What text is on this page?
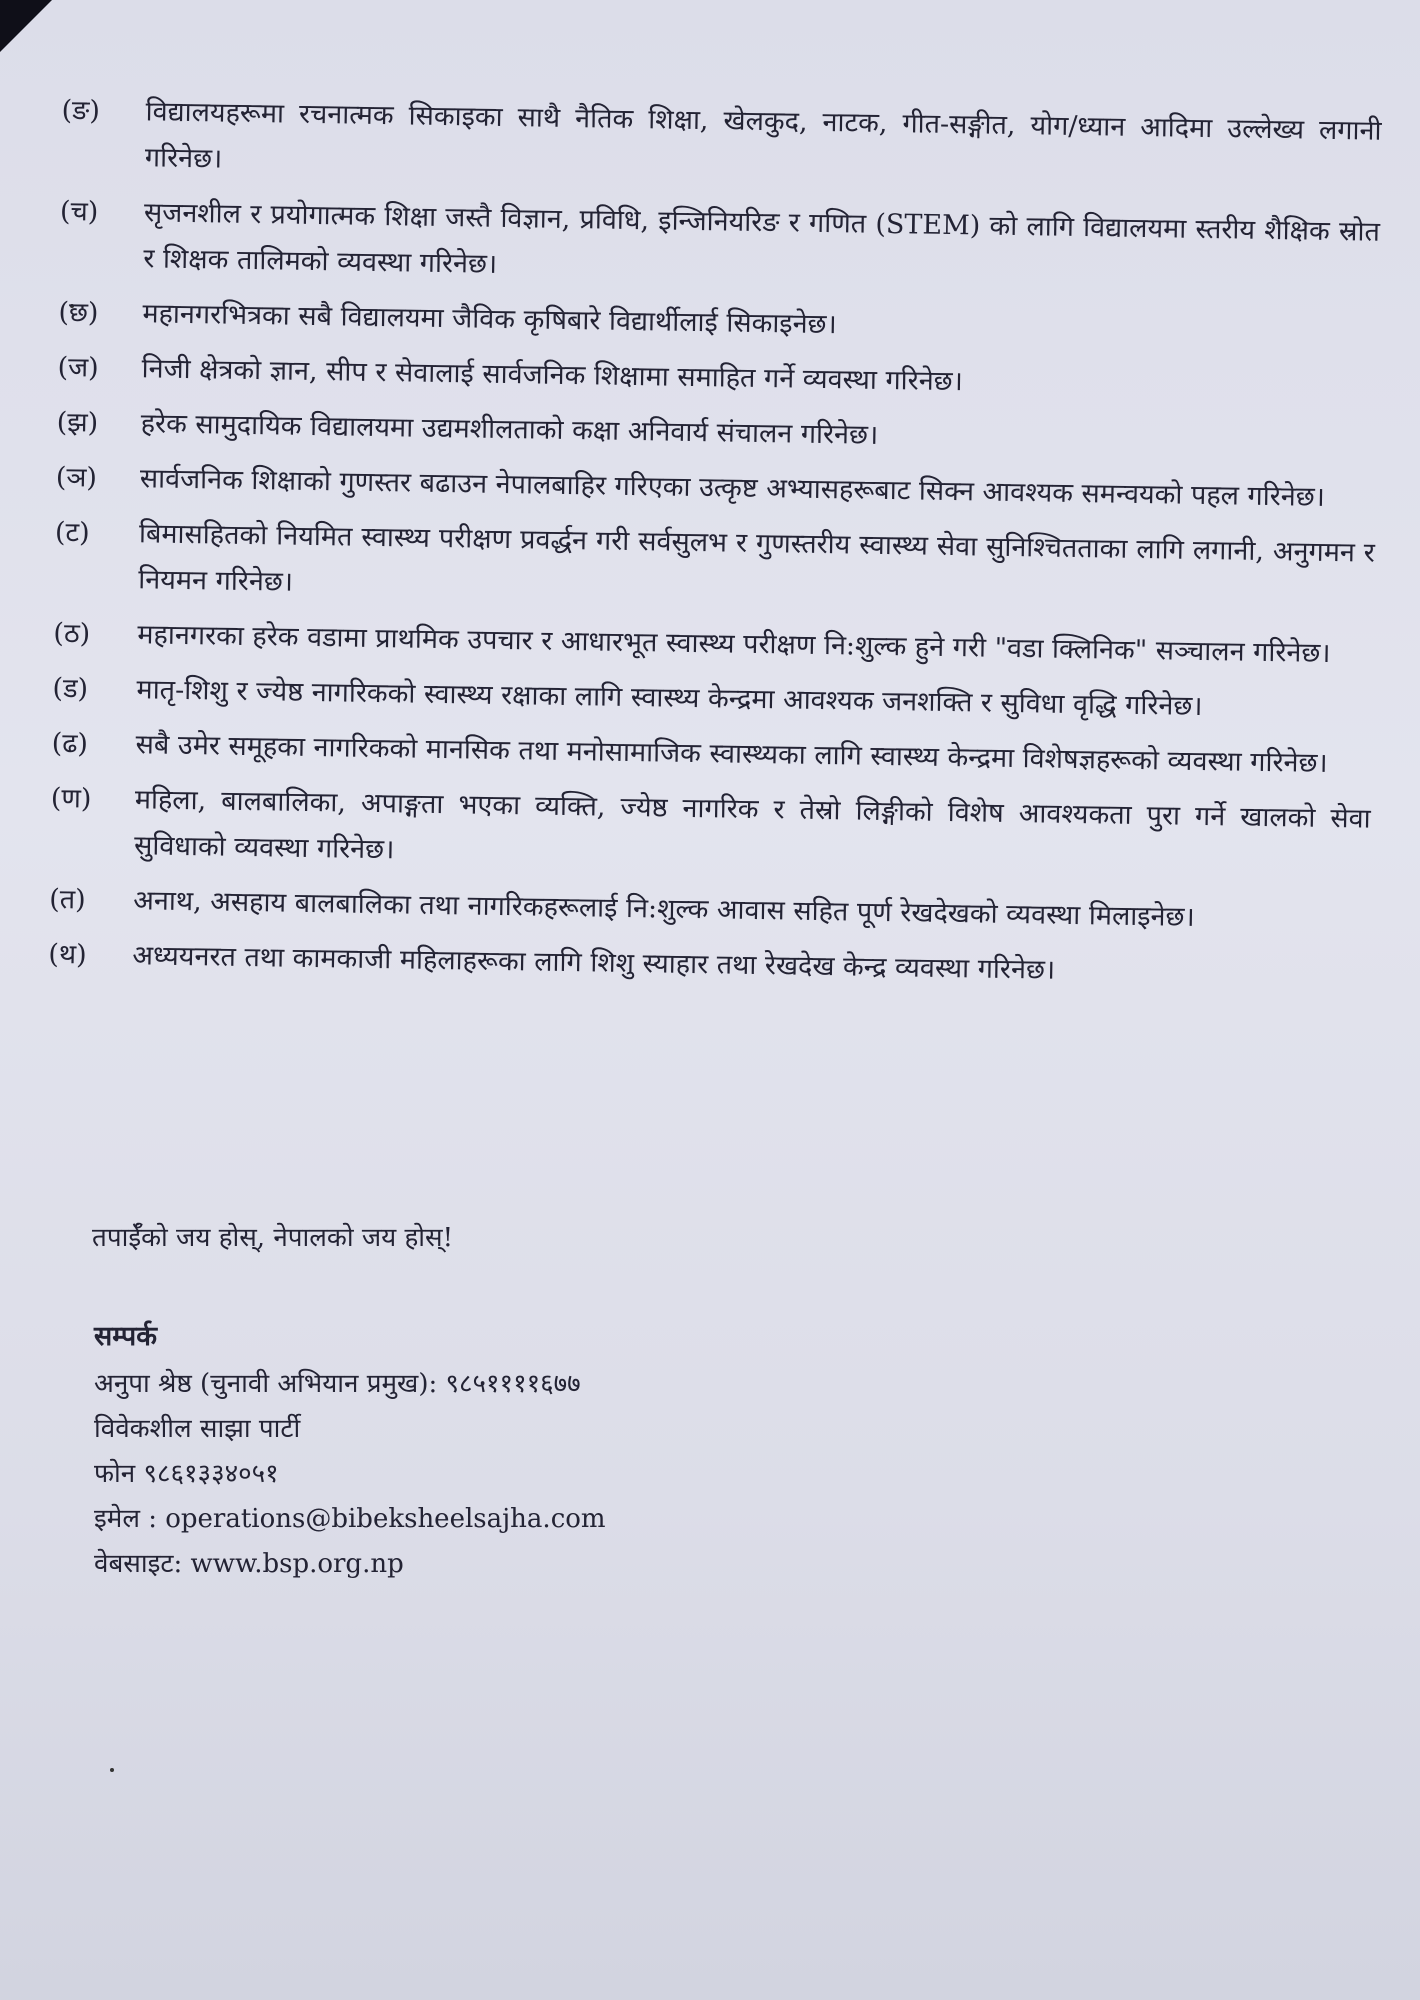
(ङ)	विद्यालयहरूमा रचनात्मक सिकाइका साथै नैतिक शिक्षा, खेलकुद, नाटक, गीत-सङ्गीत, योग/ध्यान आदिमा उल्लेख्य लगानी गरिनेछ।
(च)	सृजनशील र प्रयोगात्मक शिक्षा जस्तै विज्ञान, प्रविधि, इन्जिनियरिङ र गणित (STEM) को लागि विद्यालयमा स्तरीय शैक्षिक स्रोत र शिक्षक तालिमको व्यवस्था गरिनेछ।
(छ)	महानगरभित्रका सबै विद्यालयमा जैविक कृषिबारे विद्यार्थीलाई सिकाइनेछ।
(ज)	निजी क्षेत्रको ज्ञान, सीप र सेवालाई सार्वजनिक शिक्षामा समाहित गर्ने व्यवस्था गरिनेछ।
(झ)	हरेक सामुदायिक विद्यालयमा उद्यमशीलताको कक्षा अनिवार्य संचालन गरिनेछ।
(ञ)	सार्वजनिक शिक्षाको गुणस्तर बढाउन नेपालबाहिर गरिएका उत्कृष्ट अभ्यासहरूबाट सिक्न आवश्यक समन्वयको पहल गरिनेछ।
(ट)	बिमासहितको नियमित स्वास्थ्य परीक्षण प्रवर्द्धन गरी सर्वसुलभ र गुणस्तरीय स्वास्थ्य सेवा सुनिश्चितताका लागि लगानी, अनुगमन र नियमन गरिनेछ।
(ठ)	महानगरका हरेक वडामा प्राथमिक उपचार र आधारभूत स्वास्थ्य परीक्षण नि:शुल्क हुने गरी "वडा क्लिनिक" सञ्चालन गरिनेछ।
(ड)	मातृ-शिशु र ज्येष्ठ नागरिकको स्वास्थ्य रक्षाका लागि स्वास्थ्य केन्द्रमा आवश्यक जनशक्ति र सुविधा वृद्धि गरिनेछ।
(ढ)	सबै उमेर समूहका नागरिकको मानसिक तथा मनोसामाजिक स्वास्थ्यका लागि स्वास्थ्य केन्द्रमा विशेषज्ञहरूको व्यवस्था गरिनेछ।
(ण)	महिला, बालबालिका, अपाङ्गता भएका व्यक्ति, ज्येष्ठ नागरिक र तेस्रो लिङ्गीको विशेष आवश्यकता पुरा गर्ने खालको सेवा सुविधाको व्यवस्था गरिनेछ।
(त)	अनाथ, असहाय बालबालिका तथा नागरिकहरूलाई नि:शुल्क आवास सहित पूर्ण रेखदेखको व्यवस्था मिलाइनेछ।
(थ)	अध्ययनरत तथा कामकाजी महिलाहरूका लागि शिशु स्याहार तथा रेखदेख केन्द्र व्यवस्था गरिनेछ।
तपाईँको जय होस्, नेपालको जय होस्!
सम्पर्क
अनुपा श्रेष्ठ (चुनावी अभियान प्रमुख): ९८५११११६७७
विवेकशील साझा पार्टी
फोन ९८६१३३४०५१
इमेल : operations@bibeksheelsajha.com
वेबसाइट: www.bsp.org.np
